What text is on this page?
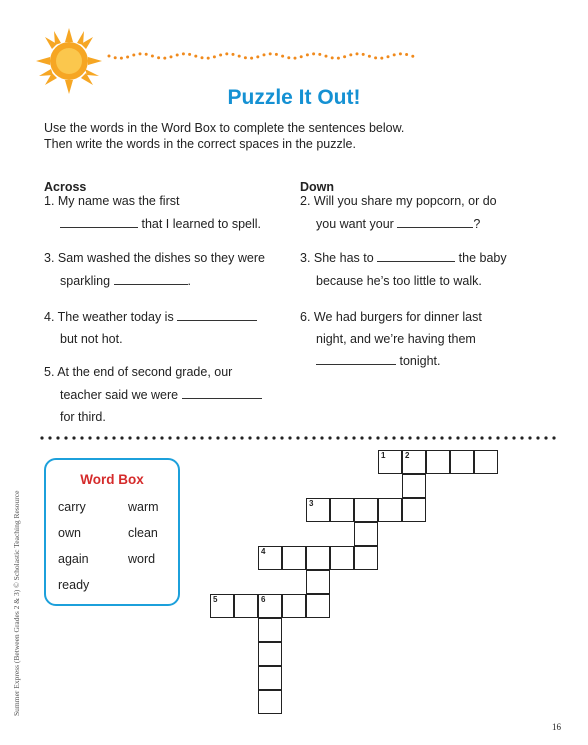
Puzzle It Out!
Use the words in the Word Box to complete the sentences below.
Then write the words in the correct spaces in the puzzle.
Across
1. My name was the first
that I learned to spell.
3. Sam washed the dishes so they were
sparkling	.
4. The weather today is
but not hot.
5. At the end of second grade, our
teacher said we were
for third.
Down
2. Will you share my popcorn, or do
you want your	?
3. She has to	the baby
because he’s too little to walk.
6. We had burgers for dinner last
night, and we’re having them
tonight.
Word Box
carry	warm
own	clean
again	word
ready
1 2
3
4
5	6
Summer Express (Between Grades 2 & 3) © Scholastic Teaching Resource
16
